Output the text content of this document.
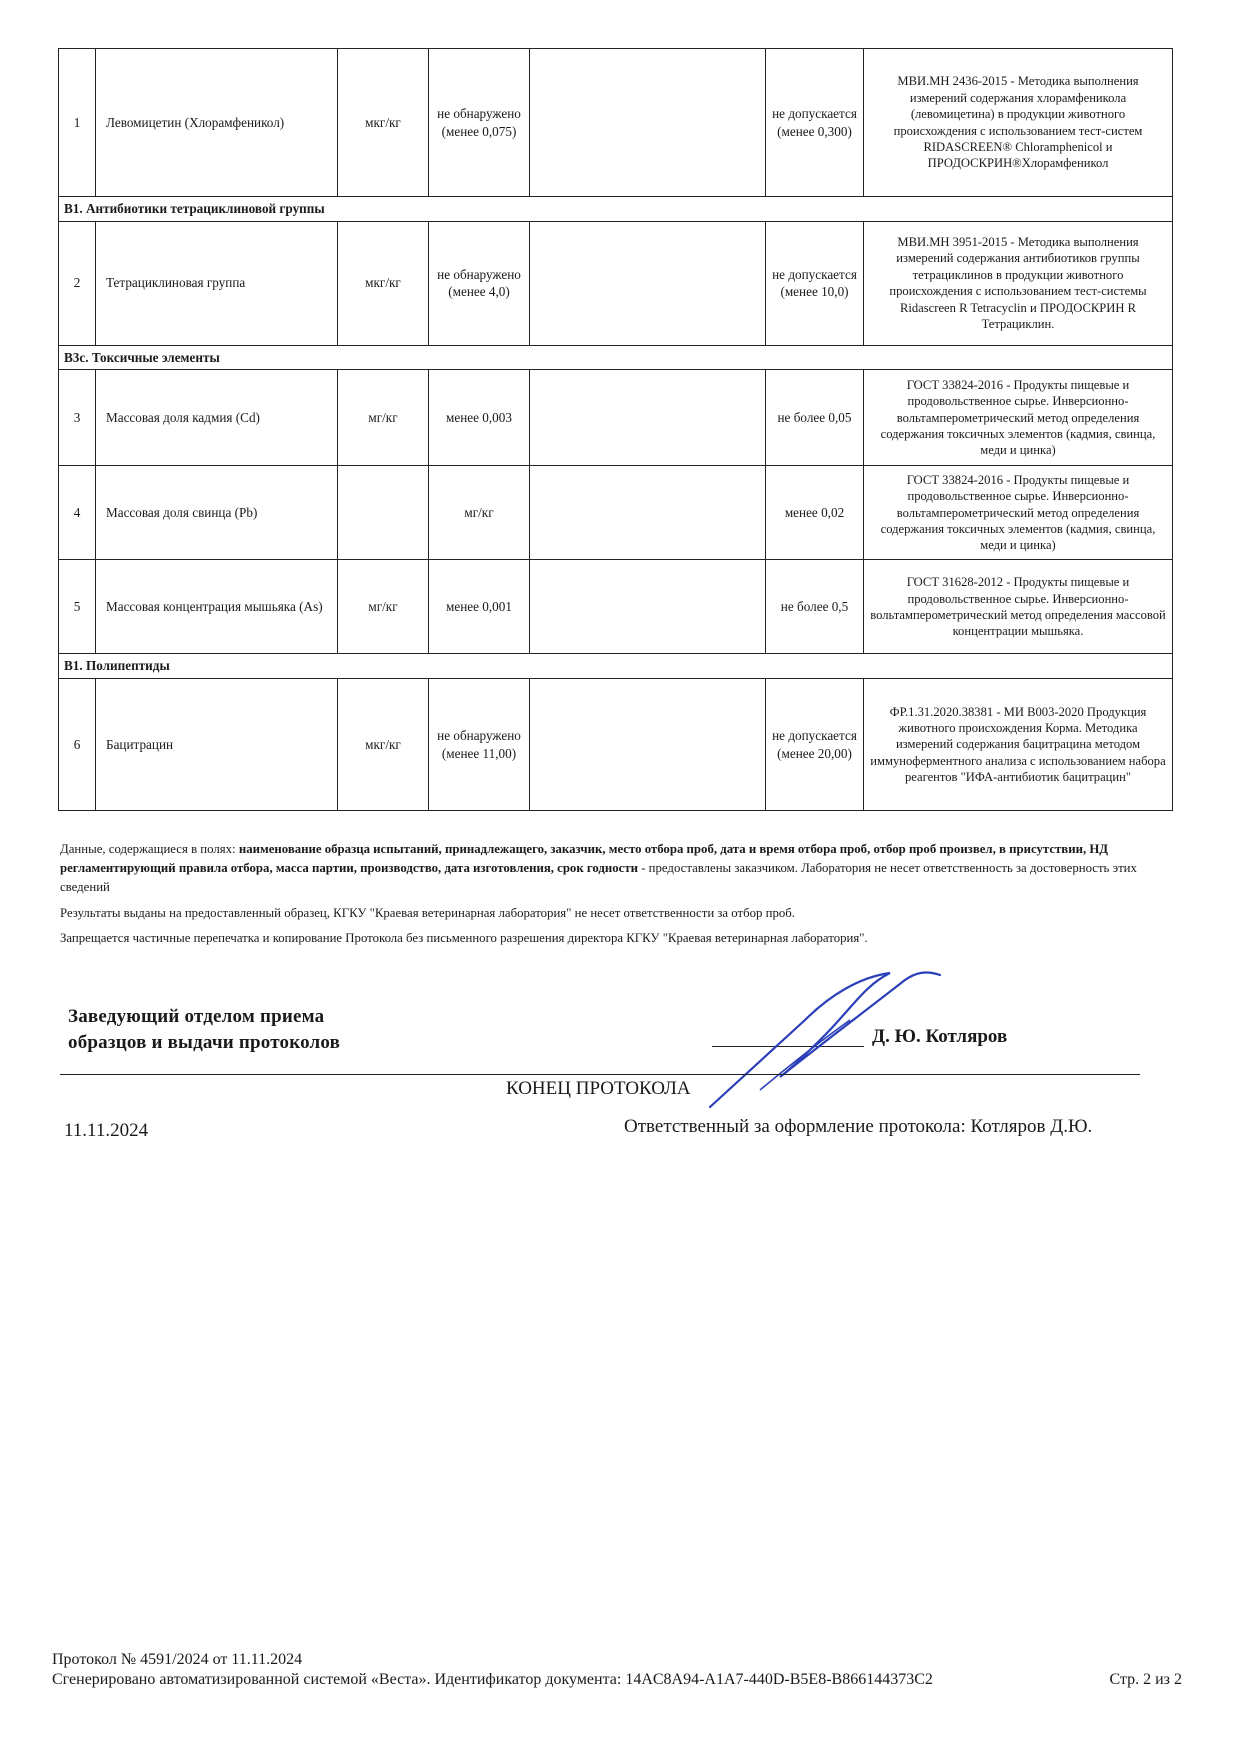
1	Левомицетин (Хлорамфеникол)	мкг/кг	не обнаружено (менее 0,075)		не допускается (менее 0,300)	МВИ.МН 2436-2015 - Методика выполнения измерений содержания хлорамфеникола (левомицетина) в продукции животного происхождения с использованием тест-систем RIDASCREEN® Chloramphenicol и ПРОДОСКРИН®Хлорамфеникол
В1. Антибиотики тетрациклиновой группы						
2	Тетрациклиновая группа	мкг/кг	не обнаружено (менее 4,0)		не допускается (менее 10,0)	МВИ.МН 3951-2015 - Методика выполнения измерений содержания антибиотиков группы тетрациклинов в продукции животного происхождения с использованием тест-системы Ridascreen R Tetracyclin и ПРОДОСКРИН R Тетрациклин.
В3с. Токсичные элементы						
3	Массовая доля кадмия (Cd)	мг/кг	менее 0,003		не более 0,05	ГОСТ 33824-2016 - Продукты пищевые и продовольственное сырье. Инверсионно-вольтамперометрический метод определения содержания токсичных элементов (кадмия, свинца, меди и цинка)
4	Массовая доля свинца (Pb)		мг/кг		менее 0,02	ГОСТ 33824-2016 - Продукты пищевые и продовольственное сырье. Инверсионно-вольтамперометрический метод определения содержания токсичных элементов (кадмия, свинца, меди и цинка)
5	Массовая концентрация мышьяка (As)	мг/кг	менее 0,001		не более 0,5	ГОСТ 31628-2012 - Продукты пищевые и продовольственное сырье. Инверсионно-вольтамперометрический метод определения массовой концентрации мышьяка.
В1. Полипептиды						
6	Бацитрацин	мкг/кг	не обнаружено (менее 11,00)		не допускается (менее 20,00)	ФР.1.31.2020.38381 - МИ В003-2020 Продукция животного происхождения Корма. Методика измерений содержания бацитрацина методом иммуноферментного анализа с использованием набора реагентов "ИФА-антибиотик бацитрацин"

Данные, содержащиеся в полях: наименование образца испытаний, принадлежащего, заказчик, место отбора проб, дата и время отбора проб, отбор проб произвел, в присутствии, НД регламентирующий правила отбора, масса партии, производство, дата изготовления, срок годности - предоставлены заказчиком. Лаборатория не несет ответственность за достоверность этих сведений

Результаты выданы на предоставленный образец, КГКУ "Краевая ветеринарная лаборатория" не несет ответственности за отбор проб.

Запрещается частичные перепечатка и копирование Протокола без письменного разрешения директора КГКУ "Краевая ветеринарная лаборатория".

Заведующий отделом приема
образцов и выдачи протоколов	Д. Ю. Котляров
КОНЕЦ ПРОТОКОЛА
11.11.2024	Ответственный за оформление протокола: Котляров Д.Ю.
Протокол № 4591/2024 от 11.11.2024
Сгенерировано автоматизированной системой «Веста». Идентификатор документа: 14AC8A94-A1A7-440D-B5E8-B866144373C2	Стр. 2 из 2
